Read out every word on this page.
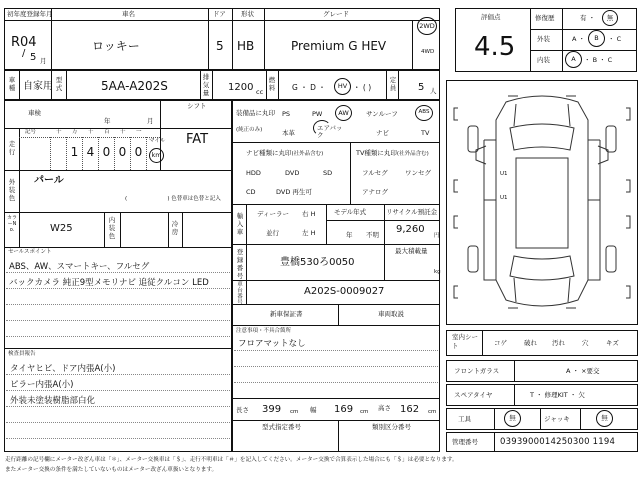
初年度登録年月	車名	ドア 形状	グレード
R04
/ 5 月
ロッキー	5 HB	Premium G HEV
2WD
4WD
車種 自家用
型式	5AA-A202S
排気量 1200 cc
燃料 G ・ D ・ HV ・ ( )
定員 5 人
車検
年	月
シフト
FAT
走行
記号	十 万 千 百 十 一
1 4 0 0 0
マイル
km
外装色
パール
( 　　　　　　　) 色替車は色替と記入
カラーNo.	W25
内装色
冷房
セールスポイント
ABS、AW、スマートキー、フルセグ
バックカメラ 純正9型メモリナビ 追従クルコン LED
検査員報告
タイヤヒビ、ドア内張A(小)
ピラー内張A(小)
外装未塗装樹脂部白化
装備品に丸印
(純正のみ)
PS	PW AW	サンルーフ	ABS
本革
エアバック	ナビ	TV
ナビ種類に丸印(社外品含む)
HDD	DVD	SD
CD	DVD 再生可
TV種類に丸印(社外品含む)
フルセグ	ワンセグ
アナログ
輸入車
ディーラー
並行
右 H
左 H
モデル年式
年 不明
リサイクル預託金
9,260
円
登録番号
豊橋530ろ0050
最大積載量
kg
車台番号
A202S-0009027
新車保証書	車両取説
注意事項・不具合箇所
フロアマットなし
長さ 399 cm 幅 169 cm 高さ 162 cm
型式指定番号	類別区分番号
評価点
4.5
修復歴	有 ・ 無
外装	A ・ B ・ C
内装	A ・ B ・ C
U1
U1
室内シート	コゲ	破れ 汚れ	穴	キズ
フロントガラス	A ・ ×要交
スペアタイヤ	T ・ 修理KIT ・ 欠
工具	無	ジャッキ	無
管理番号	0393900014250300 1194
走行距離の記号欄にメーター改ざん車は「＊」、メーター交換車は「＄」、走行不明車は「＃」を記入してください。メーター交換で合算表示した場合にも「＄」は必要となります。
またメーター交換の条件を満たしていないものはメーター改ざん車扱いとなります。
